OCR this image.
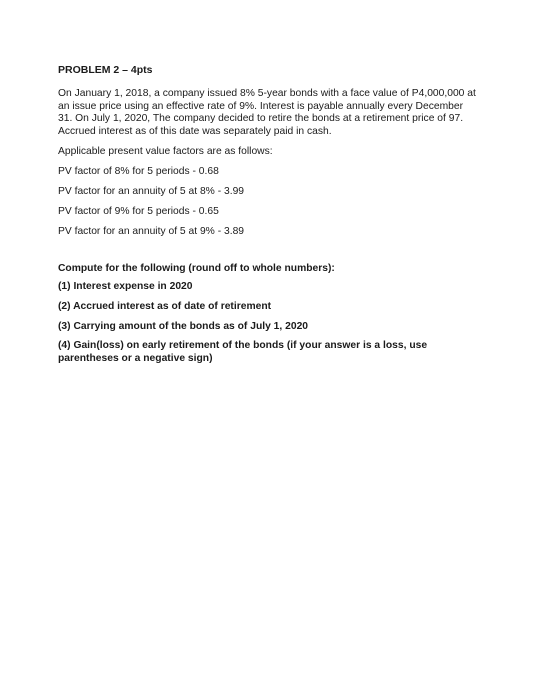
PROBLEM 2 – 4pts
On January 1, 2018, a company issued 8% 5-year bonds with a face value of P4,000,000 at an issue price using an effective rate of 9%. Interest is payable annually every December 31. On July 1, 2020, The company decided to retire the bonds at a retirement price of 97. Accrued interest as of this date was separately paid in cash.
Applicable present value factors are as follows:
PV factor of 8% for 5 periods - 0.68
PV factor for an annuity of 5 at 8% - 3.99
PV factor of 9% for 5 periods - 0.65
PV factor for an annuity of 5 at 9% - 3.89
Compute for the following (round off to whole numbers):
(1) Interest expense in 2020
(2) Accrued interest as of date of retirement
(3) Carrying amount of the bonds as of July 1, 2020
(4) Gain(loss) on early retirement of the bonds (if your answer is a loss, use parentheses or a negative sign)
